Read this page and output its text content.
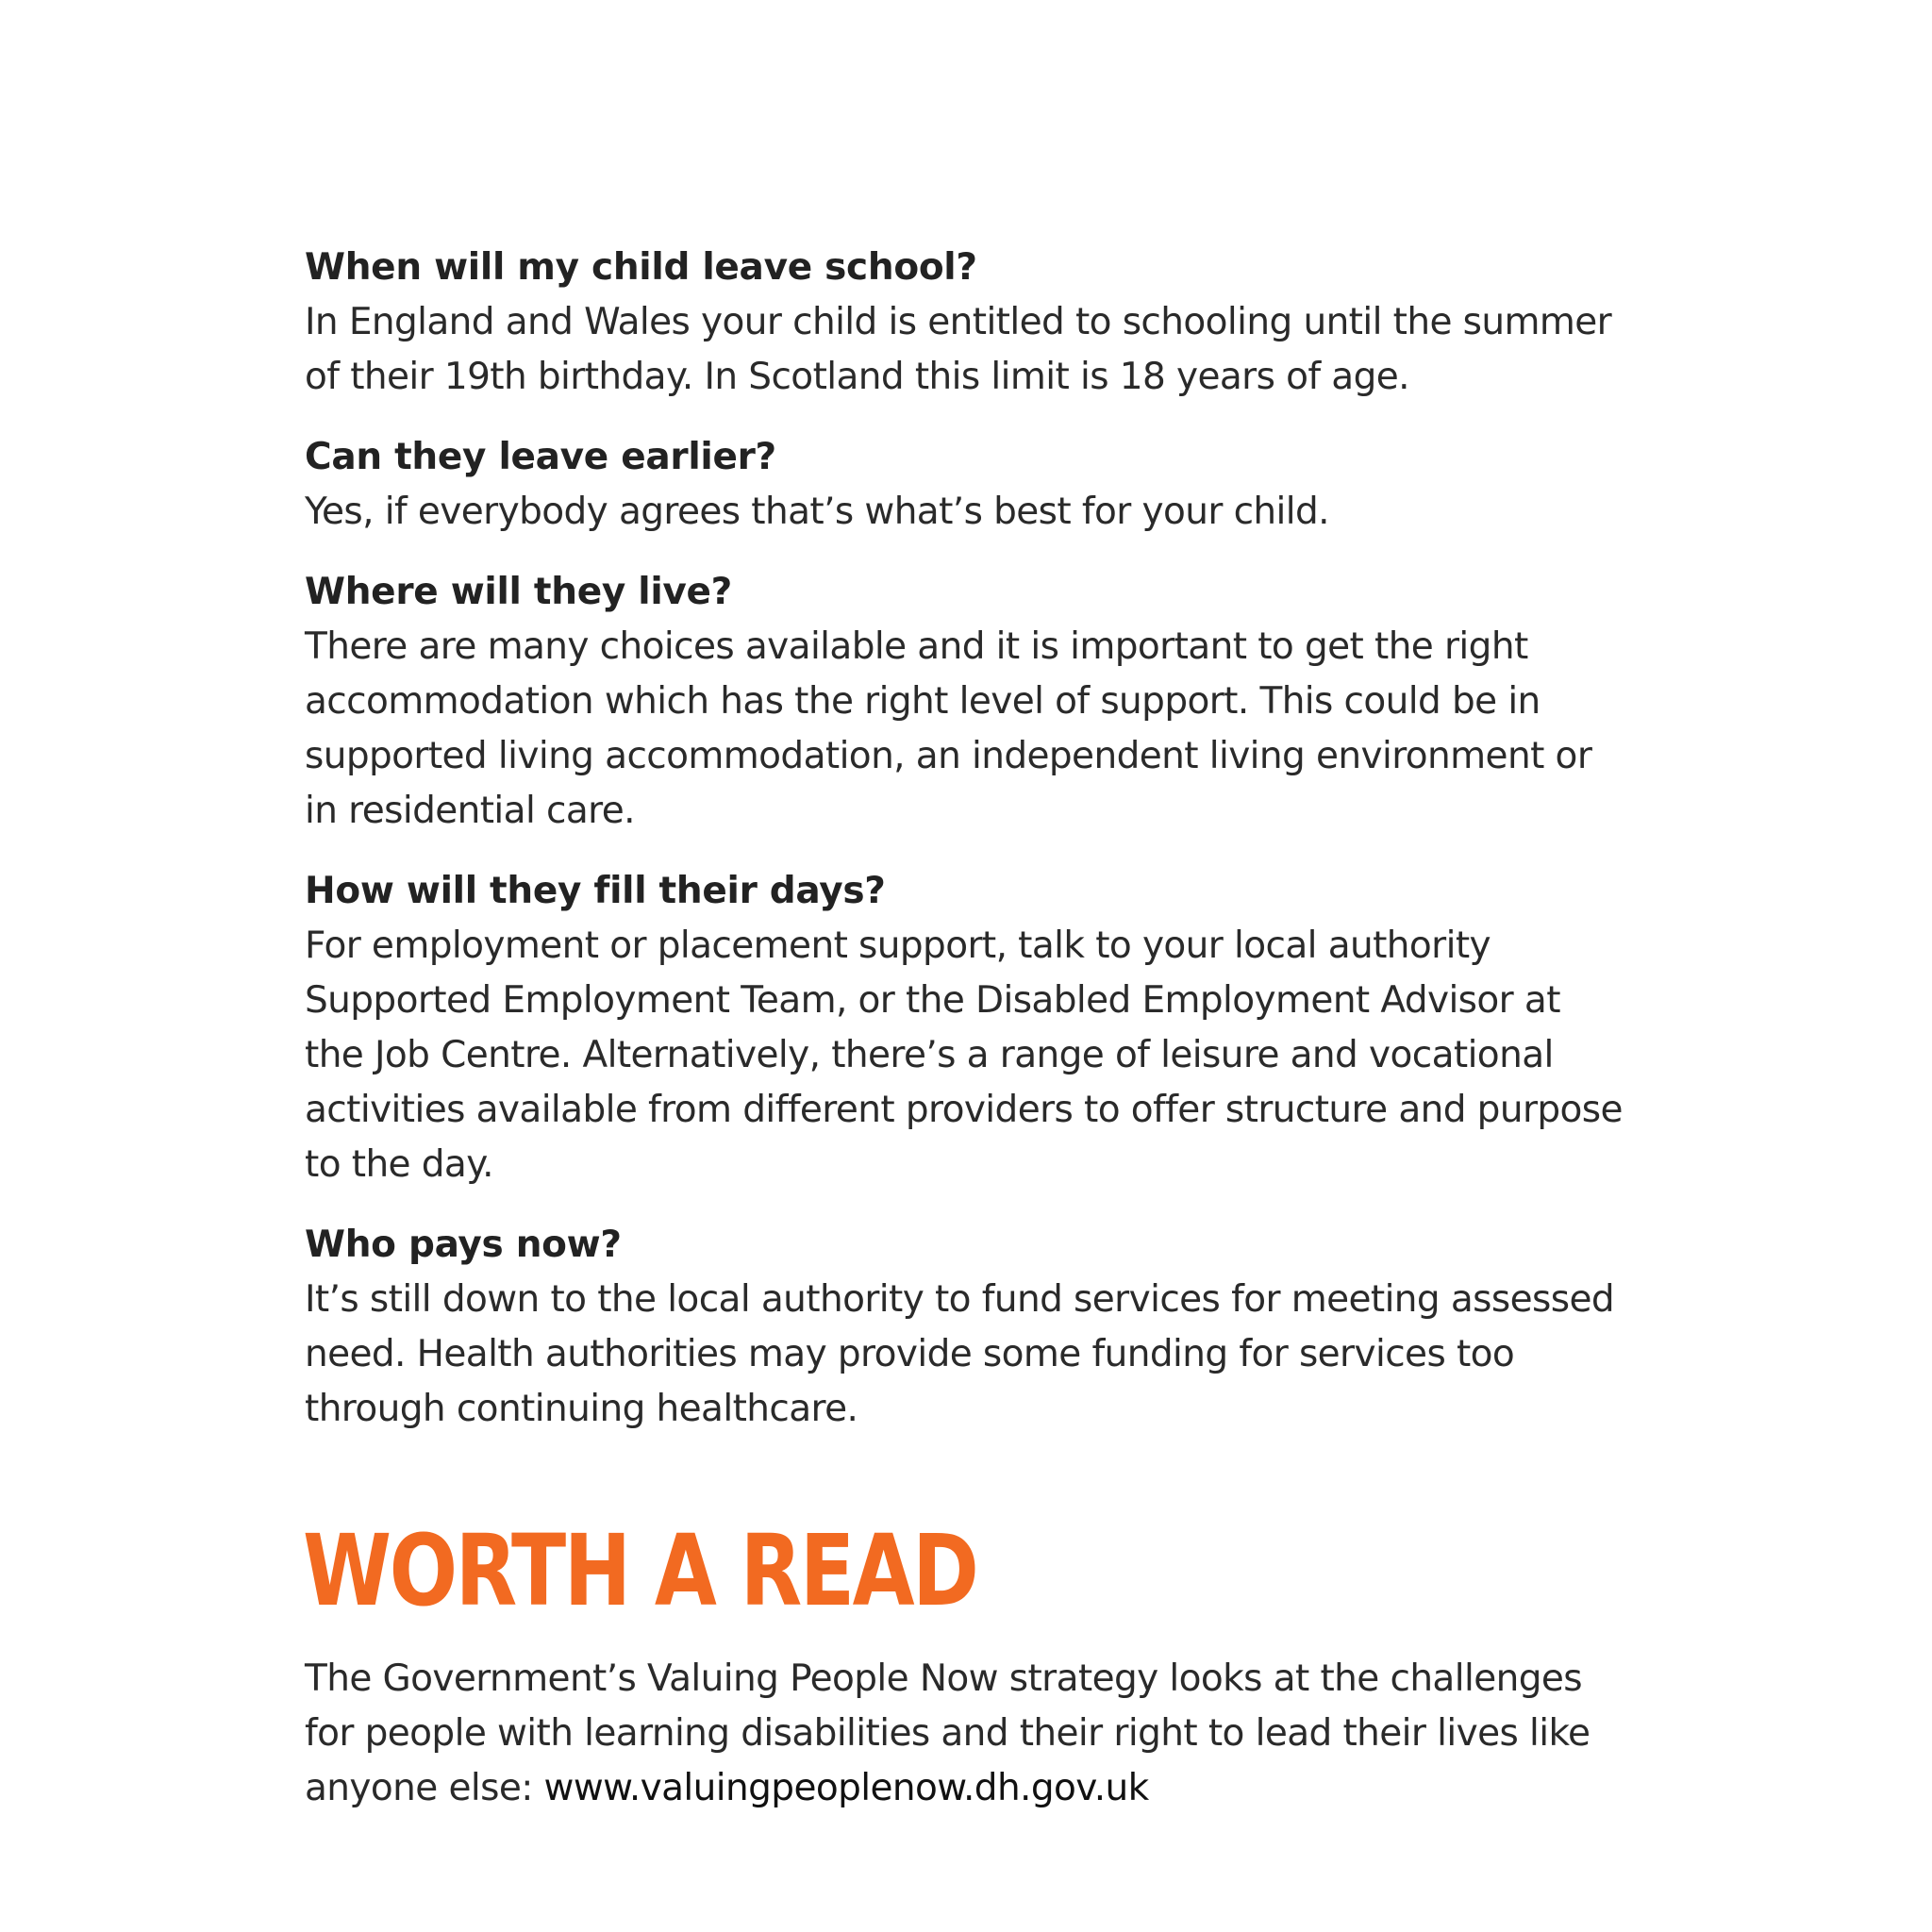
When will my child leave school?

In England and Wales your child is entitled to schooling until the summer
of their 19th birthday. In Scotland this limit is 18 years of age.

Can they leave earlier?

Yes, if everybody agrees that’s what’s best for your child.

Where will they live?

There are many choices available and it is important to get the right
accommodation which has the right level of support. This could be in
supported living accommodation, an independent living environment or
in residential care.

How will they fill their days?

For employment or placement support, talk to your local authority
Supported Employment Team, or the Disabled Employment Advisor at
the Job Centre. Alternatively, there’s a range of leisure and vocational
activities available from different providers to offer structure and purpose
to the day.

Who pays now?

It’s still down to the local authority to fund services for meeting assessed
need. Health authorities may provide some funding for services too
through continuing healthcare.

WORTH A READ

The Government’s Valuing People Now strategy looks at the challenges
for people with learning disabilities and their right to lead their lives like
anyone else: www.valuingpeoplenow.dh.gov.uk
